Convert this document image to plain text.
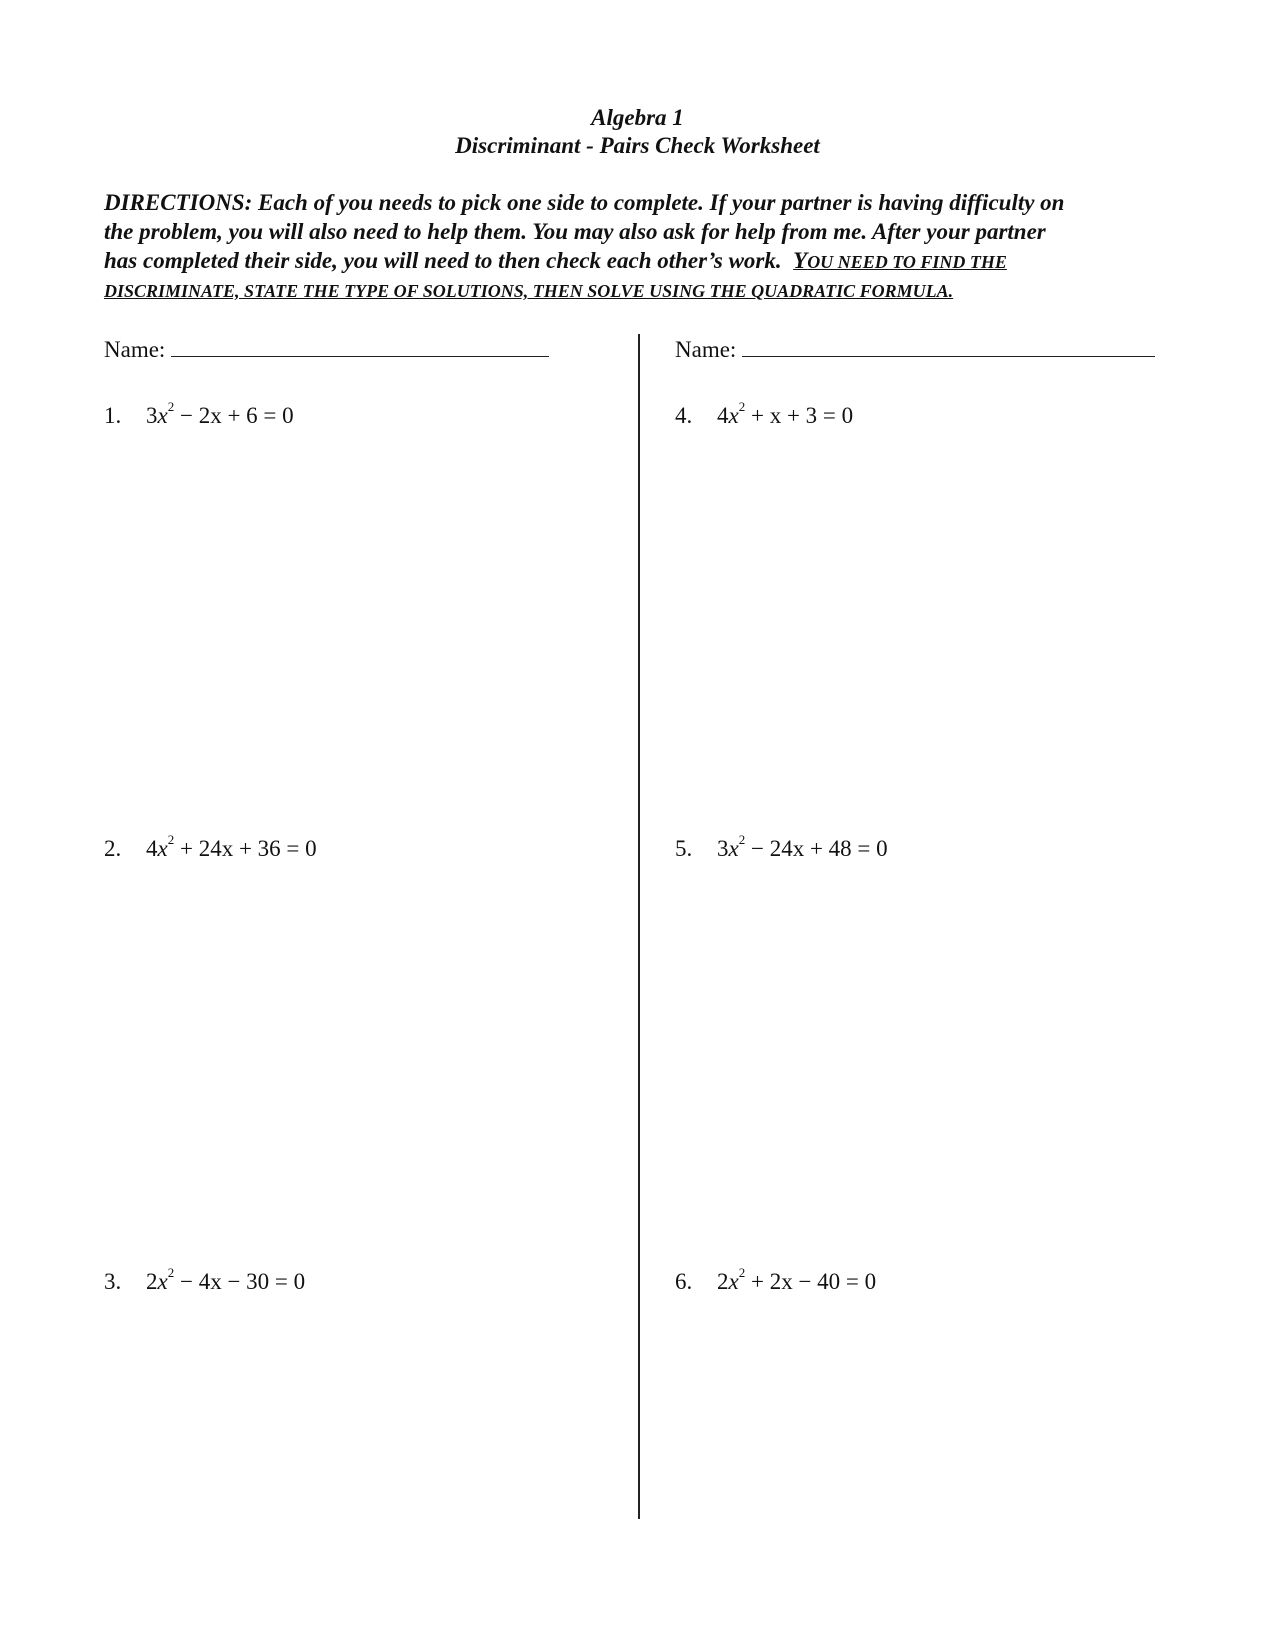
Algebra 1
Discriminant - Pairs Check Worksheet
DIRECTIONS: Each of you needs to pick one side to complete. If your partner is having difficulty on
the problem, you will also need to help them. You may also ask for help from me. After your partner
has completed their side, you will need to then check each other’s work. YOU NEED TO FIND THE
DISCRIMINATE, STATE THE TYPE OF SOLUTIONS, THEN SOLVE USING THE QUADRATIC FORMULA.
Name:	Name:
1. $3x^2 - 2x + 6 = 0$
2. $4x^2 + 24x + 36 = 0$
3. $2x^2 - 4x - 30 = 0$
4. $4x^2 + x + 3 = 0$
5. $3x^2 - 24x + 48 = 0$
6. $2x^2 + 2x - 40 = 0$
